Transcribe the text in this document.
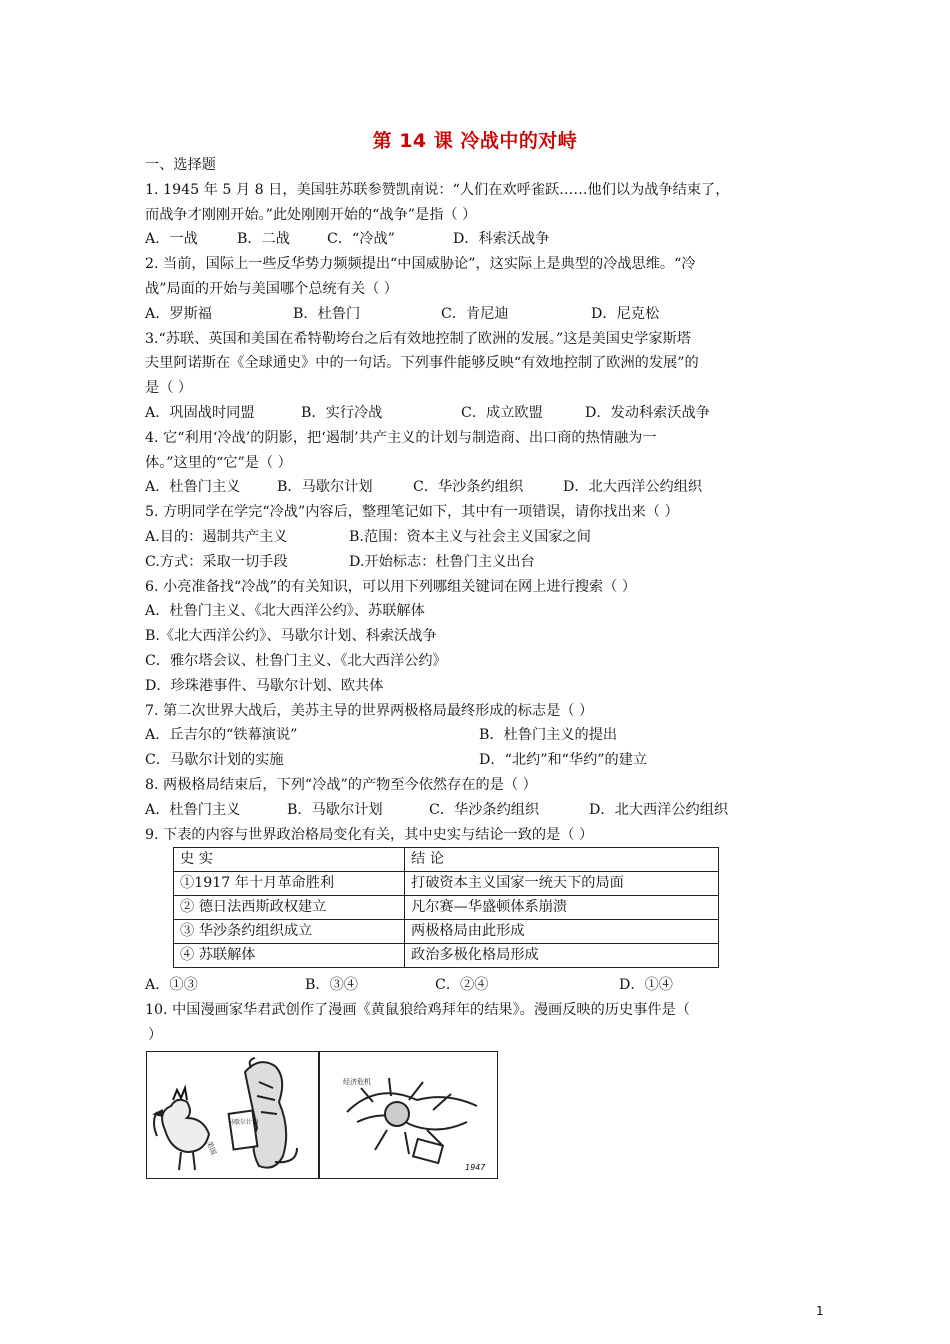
第 14 课 冷战中的对峙
一、选择题
1. 1945 年 5 月 8 日，美国驻苏联参赞凯南说：“人们在欢呼雀跃……他们以为战争结束了，
而战争才刚刚开始。”此处刚刚开始的“战争”是指（ ）
A．一战	B．二战	C．“冷战”	D．科索沃战争
2. 当前，国际上一些反华势力频频提出“中国威胁论”，这实际上是典型的冷战思维。“冷
战”局面的开始与美国哪个总统有关（ ）
A．罗斯福	B．杜鲁门	C．肯尼迪	D．尼克松
3.“苏联、英国和美国在希特勒垮台之后有效地控制了欧洲的发展。”这是美国史学家斯塔
夫里阿诺斯在《全球通史》中的一句话。下列事件能够反映“有效地控制了欧洲的发展”的
是（ ）
A．巩固战时同盟	B．实行冷战	C．成立欧盟	D．发动科索沃战争
4. 它“利用‘冷战’的阴影，把‘遏制’共产主义的计划与制造商、出口商的热情融为一
体。”这里的“它”是（ ）
A．杜鲁门主义	B．马歇尔计划	C．华沙条约组织	D．北大西洋公约组织
5. 方明同学在学完“冷战”内容后，整理笔记如下，其中有一项错误，请你找出来（ ）
A.目的：遏制共产主义	B.范围：资本主义与社会主义国家之间
C.方式：采取一切手段	D.开始标志：杜鲁门主义出台
6. 小亮准备找“冷战”的有关知识，可以用下列哪组关键词在网上进行搜索（ ）
A．杜鲁门主义、《北大西洋公约》、苏联解体
B.《北大西洋公约》、马歇尔计划、科索沃战争
C．雅尔塔会议、杜鲁门主义、《北大西洋公约》
D．珍珠港事件、马歇尔计划、欧共体
7. 第二次世界大战后，美苏主导的世界两极格局最终形成的标志是（ ）
A．丘吉尔的“铁幕演说”	B．杜鲁门主义的提出
C．马歇尔计划的实施	D．“北约”和“华约”的建立
8. 两极格局结束后，下列“冷战”的产物至今依然存在的是（ ）
A．杜鲁门主义	B．马歇尔计划	C．华沙条约组织	D．北大西洋公约组织
9. 下表的内容与世界政治格局变化有关，其中史实与结论一致的是（ ）
史 实	结 论
①1917 年十月革命胜利	打破资本主义国家一统天下的局面
② 德日法西斯政权建立	凡尔赛—华盛顿体系崩溃
③ 华沙条约组织成立	两极格局由此形成
④ 苏联解体	政治多极化格局形成
A．①③	B．③④	C．②④	D．①④
10. 中国漫画家华君武创作了漫画《黄鼠狼给鸡拜年的结果》。漫画反映的历史事件是（
）
马歇尔计划
美国
经济危机
1947
1
